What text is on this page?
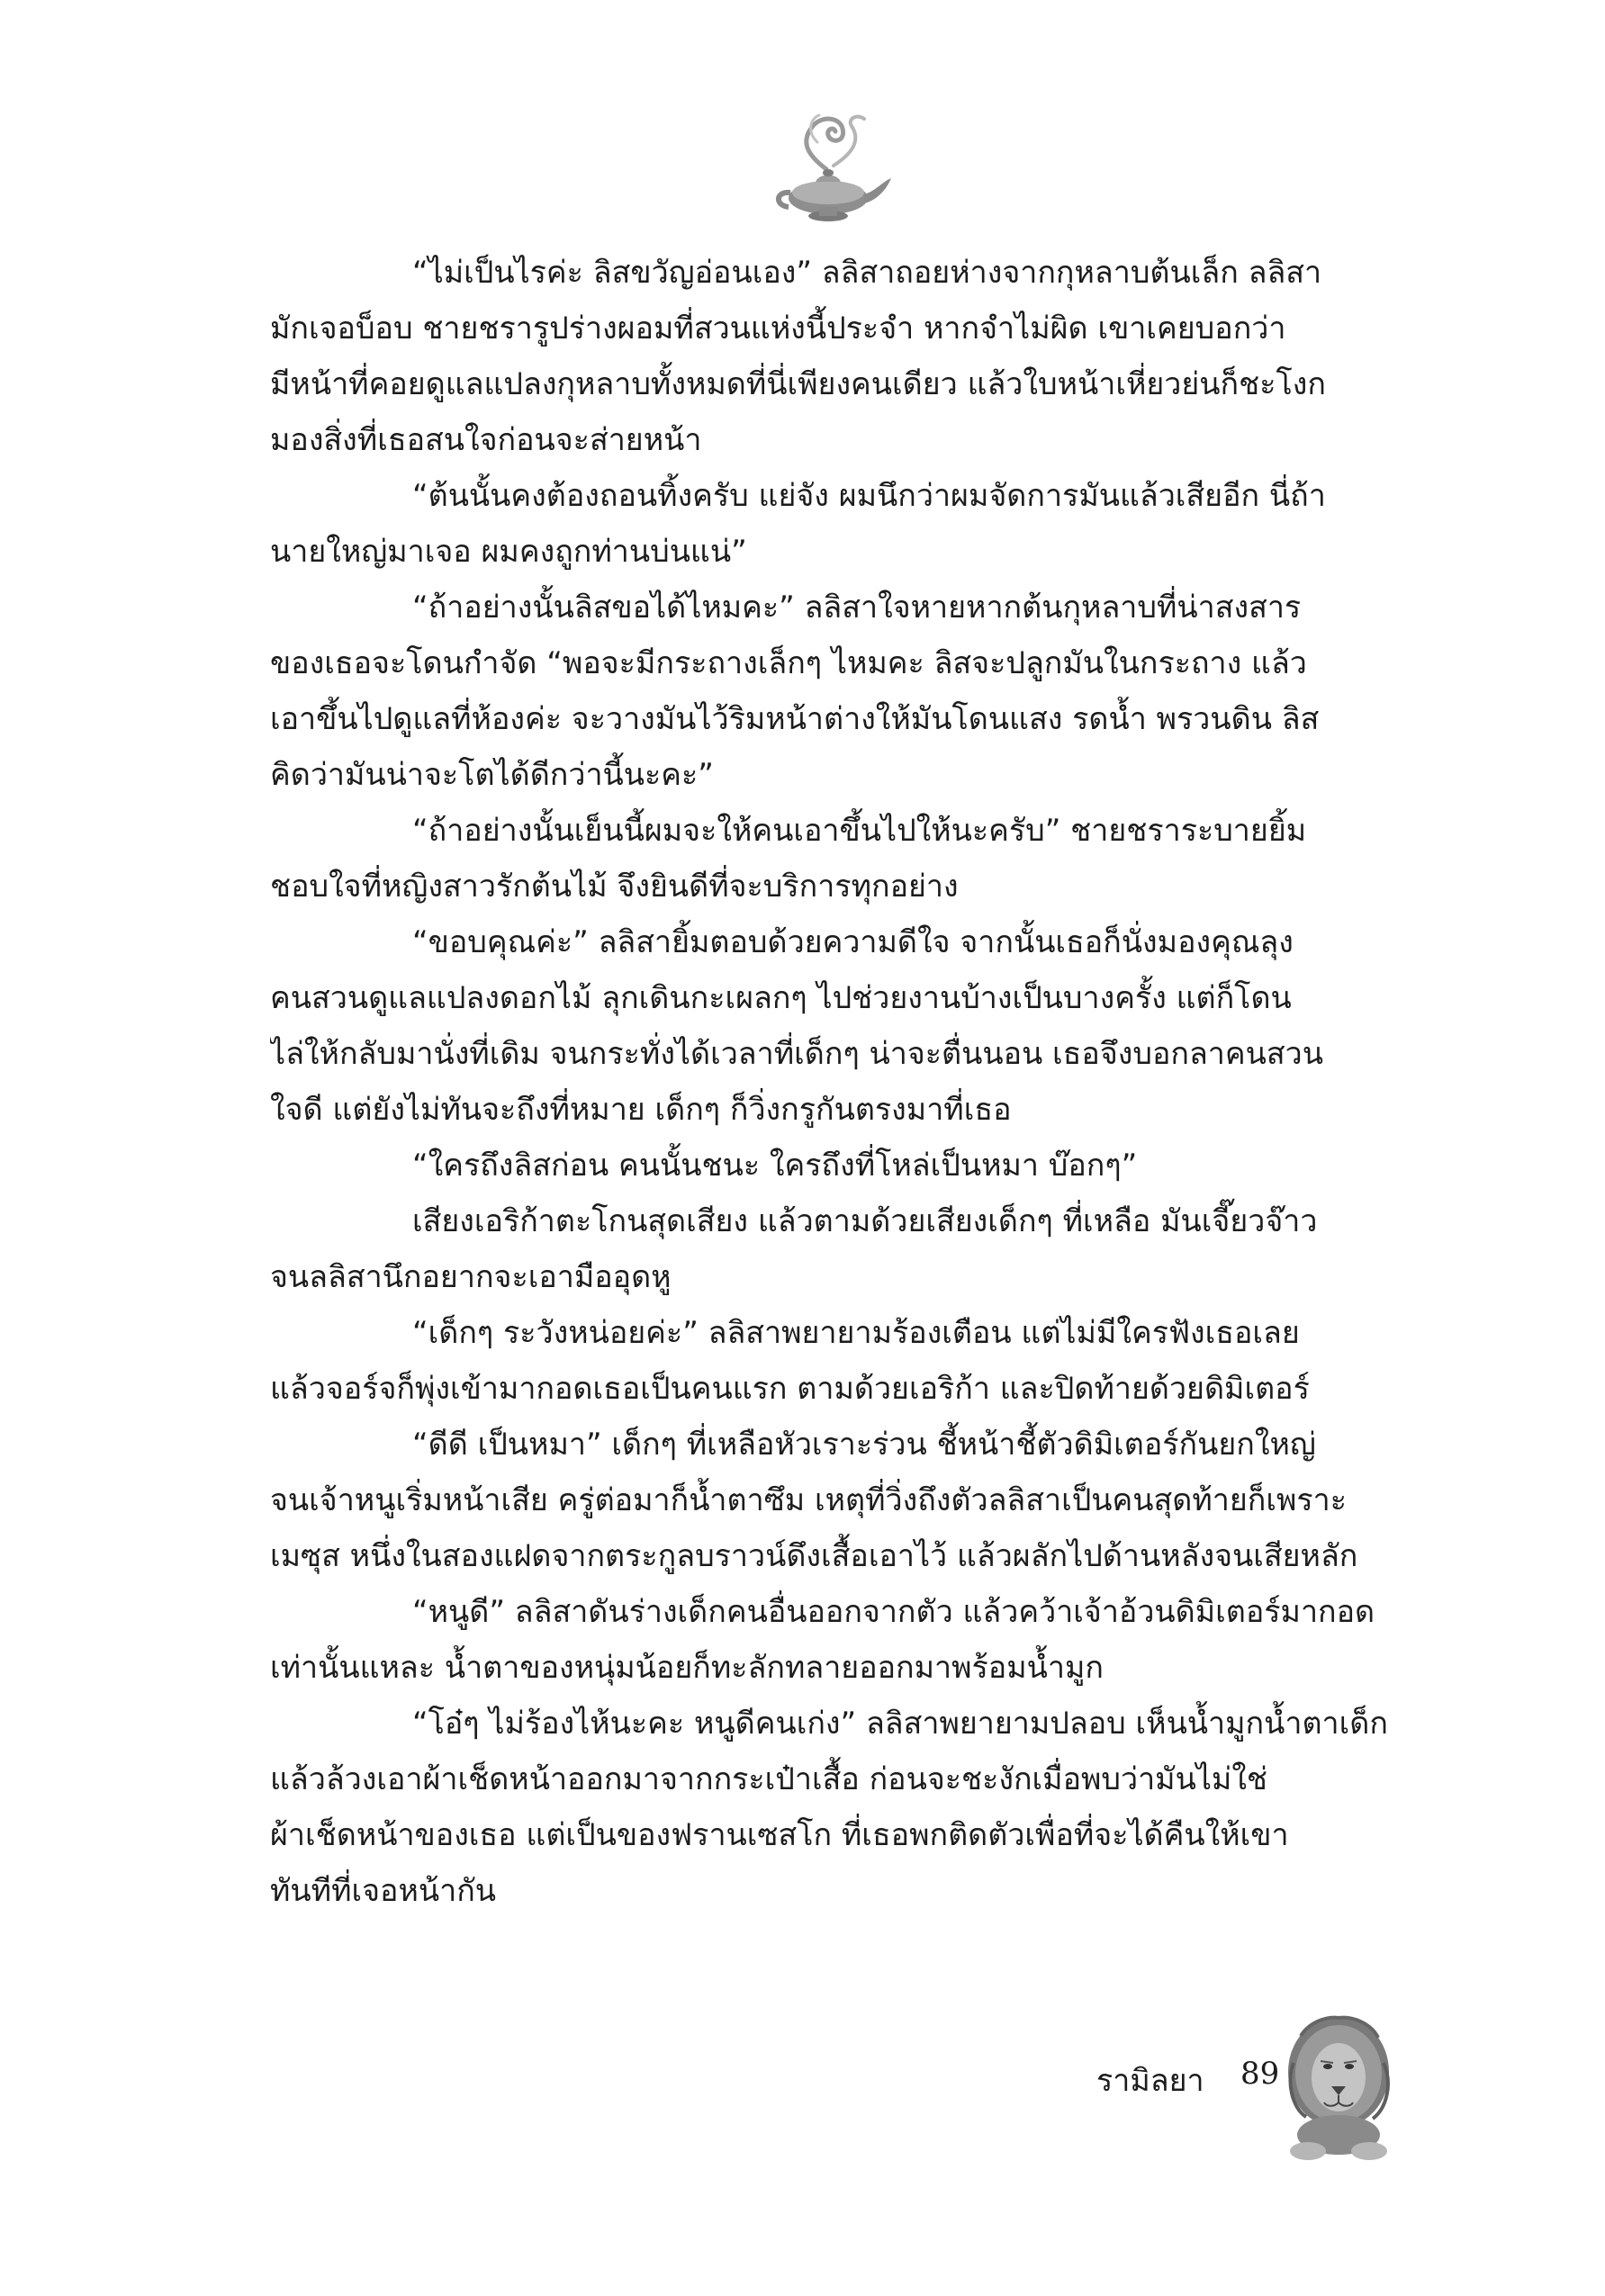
“ไม่เป็นไรค่ะ ลิสขวัญอ่อนเอง” ลลิสาถอยห่างจากกุหลาบต้นเล็ก ลลิสา
มักเจอบ็อบ ชายชรารูปร่างผอมที่สวนแห่งนี้ประจำ หากจำไม่ผิด เขาเคยบอกว่า
มีหน้าที่คอยดูแลแปลงกุหลาบทั้งหมดที่นี่เพียงคนเดียว แล้วใบหน้าเหี่ยวย่นก็ชะโงก
มองสิ่งที่เธอสนใจก่อนจะส่ายหน้า
“ต้นนั้นคงต้องถอนทิ้งครับ แย่จัง ผมนึกว่าผมจัดการมันแล้วเสียอีก นี่ถ้า
นายใหญ่มาเจอ ผมคงถูกท่านบ่นแน่”
“ถ้าอย่างนั้นลิสขอได้ไหมคะ” ลลิสาใจหายหากต้นกุหลาบที่น่าสงสาร
ของเธอจะโดนกำจัด “พอจะมีกระถางเล็กๆ ไหมคะ ลิสจะปลูกมันในกระถาง แล้ว
เอาขึ้นไปดูแลที่ห้องค่ะ จะวางมันไว้ริมหน้าต่างให้มันโดนแสง รดน้ำ พรวนดิน ลิส
คิดว่ามันน่าจะโตได้ดีกว่านี้นะคะ”
“ถ้าอย่างนั้นเย็นนี้ผมจะให้คนเอาขึ้นไปให้นะครับ” ชายชราระบายยิ้ม
ชอบใจที่หญิงสาวรักต้นไม้ จึงยินดีที่จะบริการทุกอย่าง
“ขอบคุณค่ะ” ลลิสายิ้มตอบด้วยความดีใจ จากนั้นเธอก็นั่งมองคุณลุง
คนสวนดูแลแปลงดอกไม้ ลุกเดินกะเผลกๆ ไปช่วยงานบ้างเป็นบางครั้ง แต่ก็โดน
ไล่ให้กลับมานั่งที่เดิม จนกระทั่งได้เวลาที่เด็กๆ น่าจะตื่นนอน เธอจึงบอกลาคนสวน
ใจดี แต่ยังไม่ทันจะถึงที่หมาย เด็กๆ ก็วิ่งกรูกันตรงมาที่เธอ
“ใครถึงลิสก่อน คนนั้นชนะ ใครถึงที่โหล่เป็นหมา บ๊อกๆ”
เสียงเอริก้าตะโกนสุดเสียง แล้วตามด้วยเสียงเด็กๆ ที่เหลือ มันเจี๊ยวจ๊าว
จนลลิสานึกอยากจะเอามืออุดหู
“เด็กๆ ระวังหน่อยค่ะ” ลลิสาพยายามร้องเตือน แต่ไม่มีใครฟังเธอเลย
แล้วจอร์จก็พุ่งเข้ามากอดเธอเป็นคนแรก ตามด้วยเอริก้า และปิดท้ายด้วยดิมิเตอร์
“ดีดี เป็นหมา” เด็กๆ ที่เหลือหัวเราะร่วน ชี้หน้าชี้ตัวดิมิเตอร์กันยกใหญ่
จนเจ้าหนูเริ่มหน้าเสีย ครู่ต่อมาก็น้ำตาซึม เหตุที่วิ่งถึงตัวลลิสาเป็นคนสุดท้ายก็เพราะ
เมซุส หนึ่งในสองแฝดจากตระกูลบราวน์ดึงเสื้อเอาไว้ แล้วผลักไปด้านหลังจนเสียหลัก
“หนูดี” ลลิสาดันร่างเด็กคนอื่นออกจากตัว แล้วคว้าเจ้าอ้วนดิมิเตอร์มากอด
เท่านั้นแหละ น้ำตาของหนุ่มน้อยก็ทะลักทลายออกมาพร้อมน้ำมูก
“โอ๋ๆ ไม่ร้องไห้นะคะ หนูดีคนเก่ง” ลลิสาพยายามปลอบ เห็นน้ำมูกน้ำตาเด็ก
แล้วล้วงเอาผ้าเช็ดหน้าออกมาจากกระเป๋าเสื้อ ก่อนจะชะงักเมื่อพบว่ามันไม่ใช่
ผ้าเช็ดหน้าของเธอ แต่เป็นของฟรานเซสโก ที่เธอพกติดตัวเพื่อที่จะได้คืนให้เขา
ทันทีที่เจอหน้ากัน
รามิลยา 89
